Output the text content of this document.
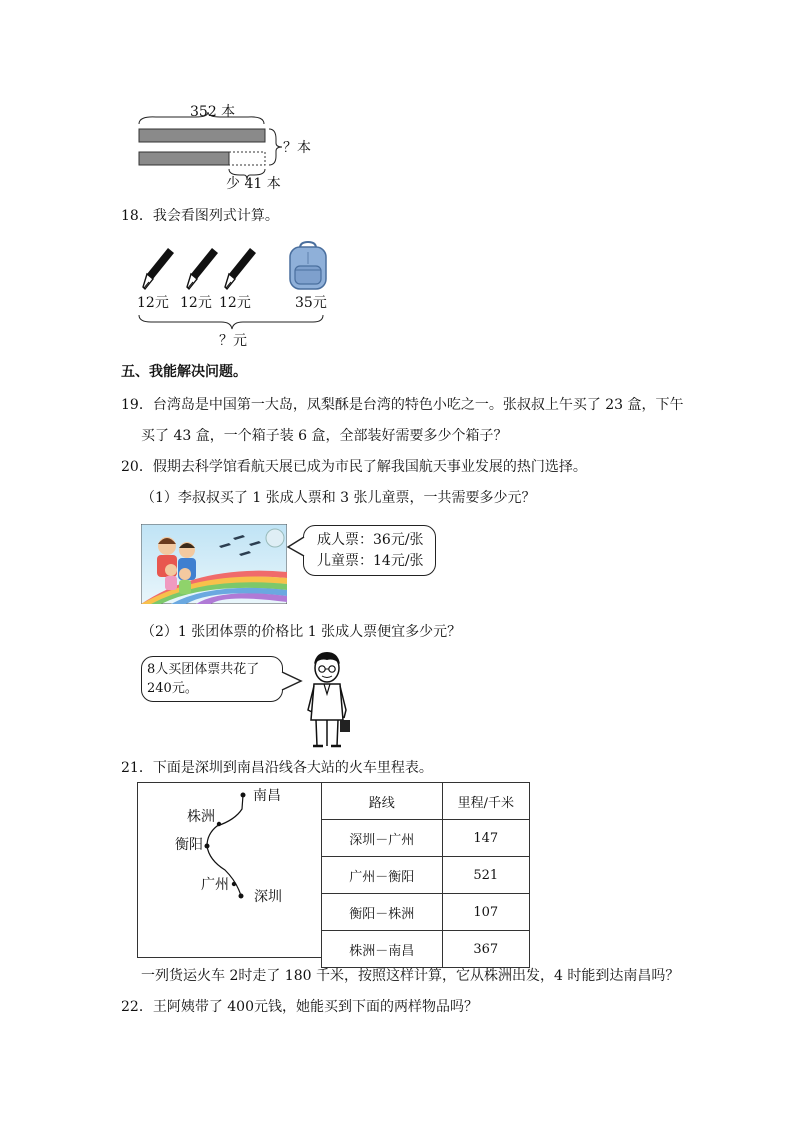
352 本
？本
少 41 本
18．我会看图列式计算。
12元 12元 12元	35元
？元
五、我能解决问题。
19．台湾岛是中国第一大岛，凤梨酥是台湾的特色小吃之一。张叔叔上午买了 23 盒，下午
买了 43 盒，一个箱子装 6 盒，全部装好需要多少个箱子？
20．假期去科学馆看航天展已成为市民了解我国航天事业发展的热门选择。
（1）李叔叔买了 1 张成人票和 3 张儿童票，一共需要多少元？
成人票：36元/张
儿童票：14元/张
（2）1 张团体票的价格比 1 张成人票便宜多少元？
8人买团体票共花了
240元。
21．下面是深圳到南昌沿线各大站的火车里程表。
南昌
株洲
衡阳
广州
深圳
路线	里程/千米
深圳－广州	147
广州－衡阳	521
衡阳－株洲	107
株洲－南昌	367
一列货运火车 2时走了 180 千米，按照这样计算，它从株洲出发，4 时能到达南昌吗？
22．王阿姨带了 400元钱，她能买到下面的两样物品吗？
